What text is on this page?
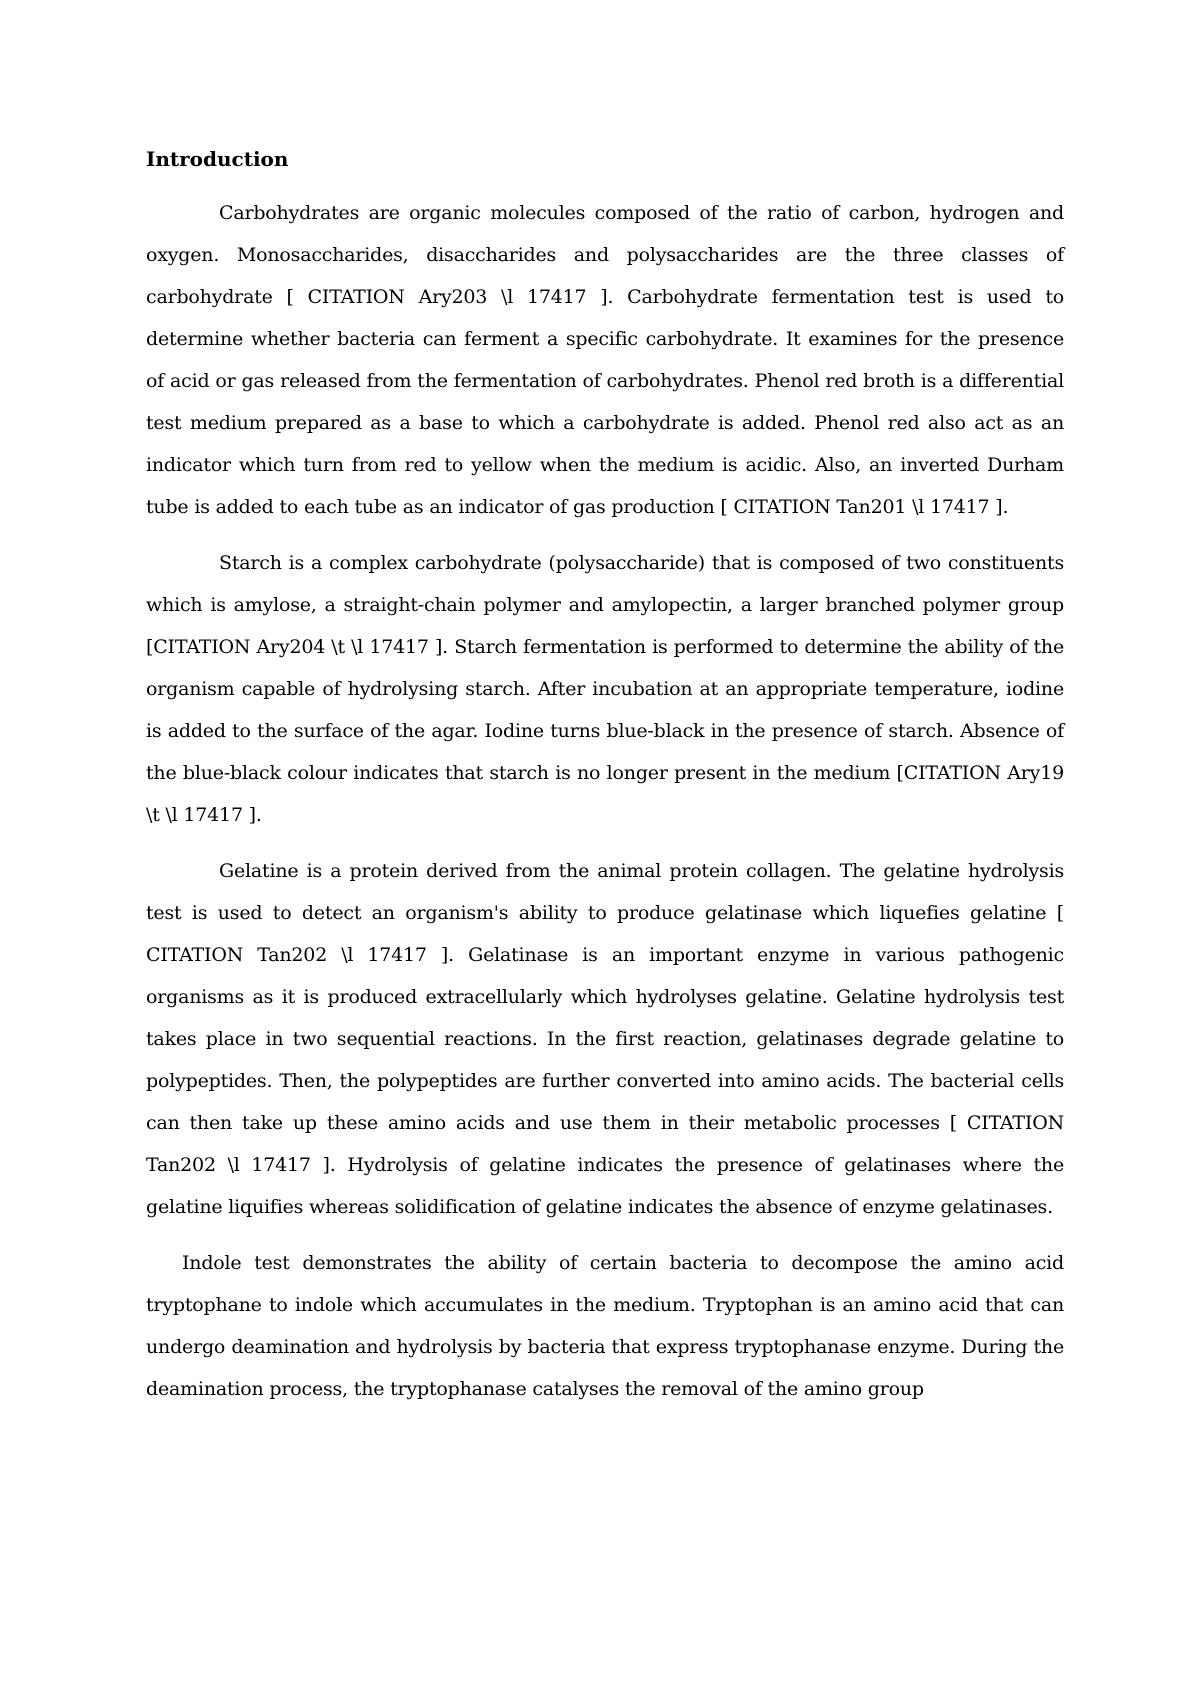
Introduction

Carbohydrates are organic molecules composed of the ratio of carbon, hydrogen and oxygen. Monosaccharides, disaccharides and polysaccharides are the three classes of carbohydrate [ CITATION Ary203 \l 17417 ]. Carbohydrate fermentation test is used to determine whether bacteria can ferment a specific carbohydrate. It examines for the presence of acid or gas released from the fermentation of carbohydrates. Phenol red broth is a differential test medium prepared as a base to which a carbohydrate is added. Phenol red also act as an indicator which turn from red to yellow when the medium is acidic. Also, an inverted Durham tube is added to each tube as an indicator of gas production [ CITATION Tan201 \l 17417 ].

Starch is a complex carbohydrate (polysaccharide) that is composed of two constituents which is amylose, a straight-chain polymer and amylopectin, a larger branched polymer group [CITATION Ary204 \t \l 17417 ]. Starch fermentation is performed to determine the ability of the organism capable of hydrolysing starch. After incubation at an appropriate temperature, iodine is added to the surface of the agar. Iodine turns blue-black in the presence of starch. Absence of the blue-black colour indicates that starch is no longer present in the medium [CITATION Ary19 \t \l 17417 ].

Gelatine is a protein derived from the animal protein collagen. The gelatine hydrolysis test is used to detect an organism's ability to produce gelatinase which liquefies gelatine [ CITATION Tan202 \l 17417 ]. Gelatinase is an important enzyme in various pathogenic organisms as it is produced extracellularly which hydrolyses gelatine. Gelatine hydrolysis test takes place in two sequential reactions. In the first reaction, gelatinases degrade gelatine to polypeptides. Then, the polypeptides are further converted into amino acids. The bacterial cells can then take up these amino acids and use them in their metabolic processes [ CITATION Tan202 \l 17417 ]. Hydrolysis of gelatine indicates the presence of gelatinases where the gelatine liquifies whereas solidification of gelatine indicates the absence of enzyme gelatinases.

Indole test demonstrates the ability of certain bacteria to decompose the amino acid tryptophane to indole which accumulates in the medium. Tryptophan is an amino acid that can undergo deamination and hydrolysis by bacteria that express tryptophanase enzyme. During the deamination process, the tryptophanase catalyses the removal of the amino group
